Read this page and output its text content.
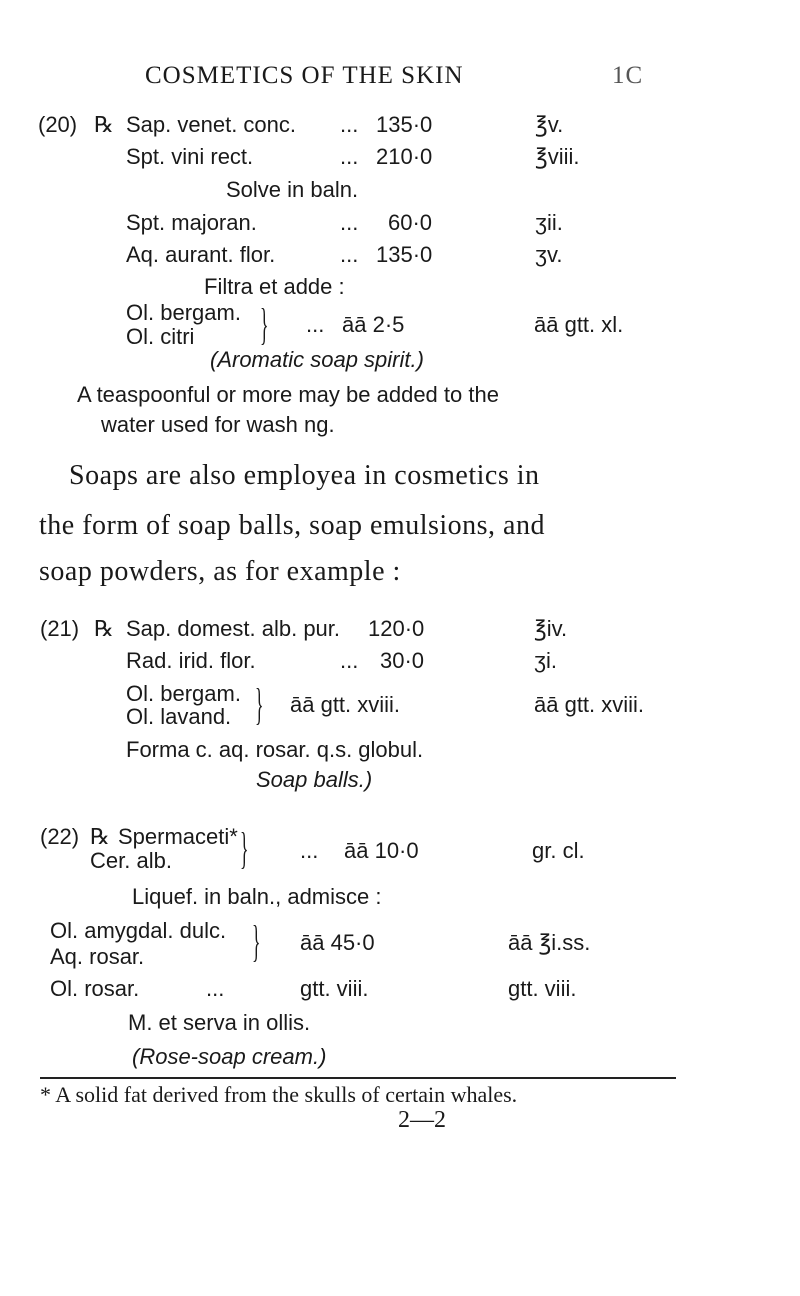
COSMETICS OF THE SKIN	1C
(20) ℞ Sap. venet. conc. ... 135·0	℥v.
Spt. vini rect.	... 210·0	℥viii.
Solve in baln.
Spt. majoran.	... 60·0	ʒii.
Aq. aurant. flor.	... 135·0	ʒv.
Filtra et adde :
Ol. bergam.
Ol. citri } ... āā 2·5	āā gtt. xl.
(Aromatic soap spirit.)
A teaspoonful or more may be added to the
water used for wash ng.
Soaps are also employea in cosmetics in
the form of soap balls, soap emulsions, and
soap powders, as for example :
(21) ℞ Sap. domest. alb. pur. 120·0	℥iv.
Rad. irid. flor.	... 30·0	ʒi.
Ol. bergam.
Ol. lavand. } āā gtt. xviii.	āā gtt. xviii.
Forma c. aq. rosar. q.s. globul.
Soap balls.)
(22) ℞ Spermaceti*
Cer. alb. } ... āā 10·0	gr. cl.
Liquef. in baln., admisce :
Ol. amygdal. dulc.
Aq. rosar. } āā 45·0	āā ℥i.ss.
Ol. rosar.	...	gtt. viii.	gtt. viii.
M. et serva in ollis.
(Rose-soap cream.)
* A solid fat derived from the skulls of certain whales.
2—2
